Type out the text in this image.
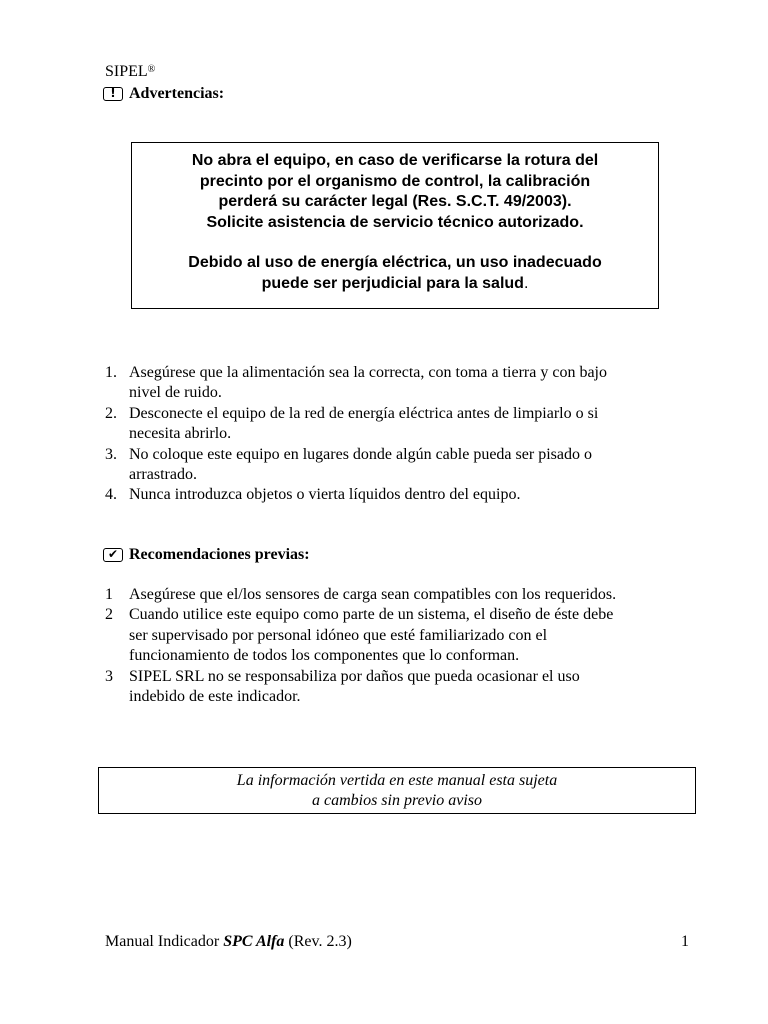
SIPEL®
! Advertencias:

No abra el equipo, en caso de verificarse la rotura del

precinto por el organismo de control, la calibración

perderá su carácter legal (Res. S.C.T. 49/2003).

Solicite asistencia de servicio técnico autorizado.

Debido al uso de energía eléctrica, un uso inadecuado

puede ser perjudicial para la salud.

1. Asegúrese que la alimentación sea la correcta, con toma a tierra y con bajo
nivel de ruido.
2. Desconecte el equipo de la red de energía eléctrica antes de limpiarlo o si
necesita abrirlo.
3. No coloque este equipo en lugares donde algún cable pueda ser pisado o
arrastrado.
4. Nunca introduzca objetos o vierta líquidos dentro del equipo.
✔ Recomendaciones previas:
1 Asegúrese que el/los sensores de carga sean compatibles con los requeridos.
2 Cuando utilice este equipo como parte de un sistema, el diseño de éste debe
ser supervisado por personal idóneo que esté familiarizado con el
funcionamiento de todos los componentes que lo conforman.
3 SIPEL SRL no se responsabiliza por daños que pueda ocasionar el uso
indebido de este indicador.

La información vertida en este manual esta sujeta

a cambios sin previo aviso

Manual Indicador SPC Alfa (Rev. 2.3)	1
